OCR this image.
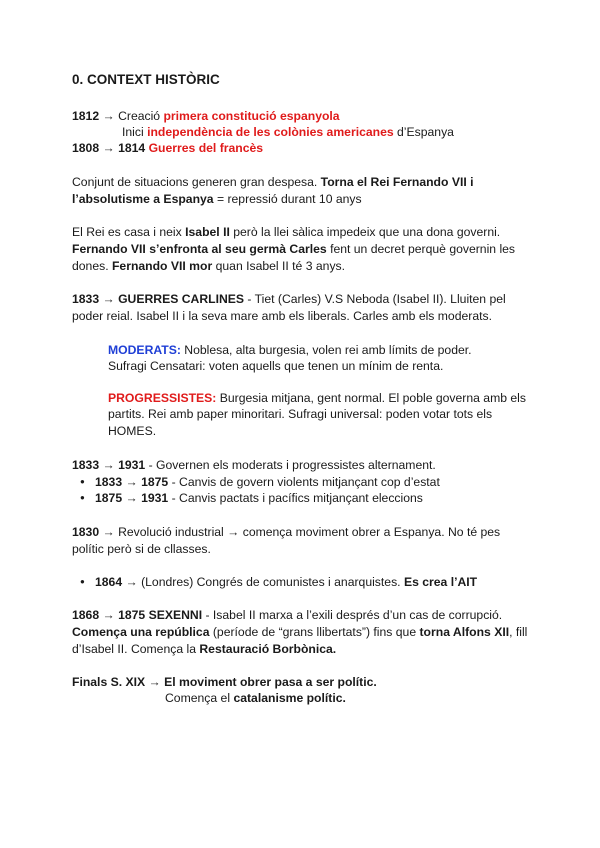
0. CONTEXT HISTÒRIC
1812 → Creació primera constitució espanyola
Inici independència de les colònies americanes d’Espanya
1808 → 1814 Guerres del francès
Conjunt de situacions generen gran despesa. Torna el Rei Fernando VII i
l’absolutisme a Espanya = repressió durant 10 anys
El Rei es casa i neix Isabel II però la llei sàlica impedeix que una dona governi.
Fernando VII s’enfronta al seu germà Carles fent un decret perquè governin les
dones. Fernando VII mor quan Isabel II té 3 anys.
1833 → GUERRES CARLINES - Tiet (Carles) V.S Neboda (Isabel II). Lluiten pel
poder reial. Isabel II i la seva mare amb els liberals. Carles amb els moderats.
MODERATS: Noblesa, alta burgesia, volen rei amb límits de poder.
Sufragi Censatari: voten aquells que tenen un mínim de renta.
PROGRESSISTES: Burgesia mitjana, gent normal. El poble governa amb els
partits. Rei amb paper minoritari. Sufragi universal: poden votar tots els
HOMES.
1833 → 1931 - Governen els moderats i progressistes alternament.
● 1833 → 1875 - Canvis de govern violents mitjançant cop d’estat
● 1875 → 1931 - Canvis pactats i pacífics mitjançant eleccions
1830 → Revolució industrial → comença moviment obrer a Espanya. No té pes
polític però si de cllasses.
● 1864 → (Londres) Congrés de comunistes i anarquistes. Es crea l’AIT
1868 → 1875 SEXENNI - Isabel II marxa a l’exili després d’un cas de corrupció.
Comença una república (període de “grans llibertats”) fins que torna Alfons XII, fill
d’Isabel II. Comença la Restauració Borbònica.
Finals S. XIX → El moviment obrer pasa a ser polític.
Comença el catalanisme polític.
